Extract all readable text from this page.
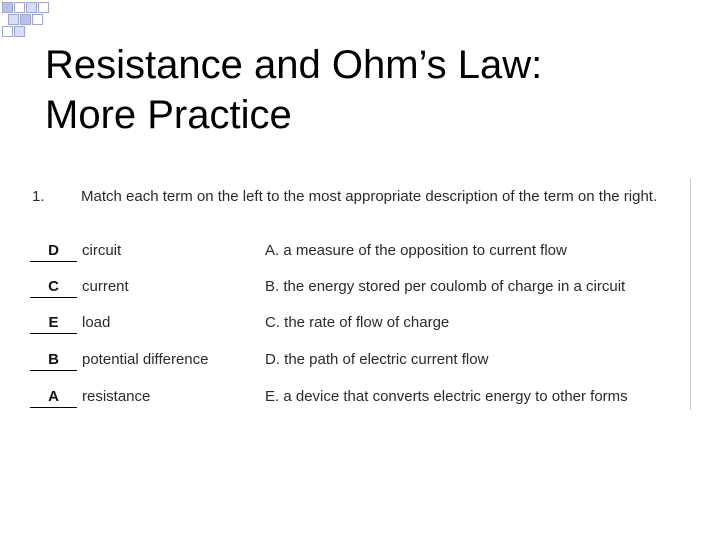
Resistance and Ohm’s Law:
More Practice
1. Match each term on the left to the most appropriate description of the term on the right.
D	circuit	A. a measure of the opposition to current flow
C	current	B. the energy stored per coulomb of charge in a circuit
E	load	C. the rate of flow of charge
B	potential difference	D. the path of electric current flow
A	resistance	E. a device that converts electric energy to other forms
